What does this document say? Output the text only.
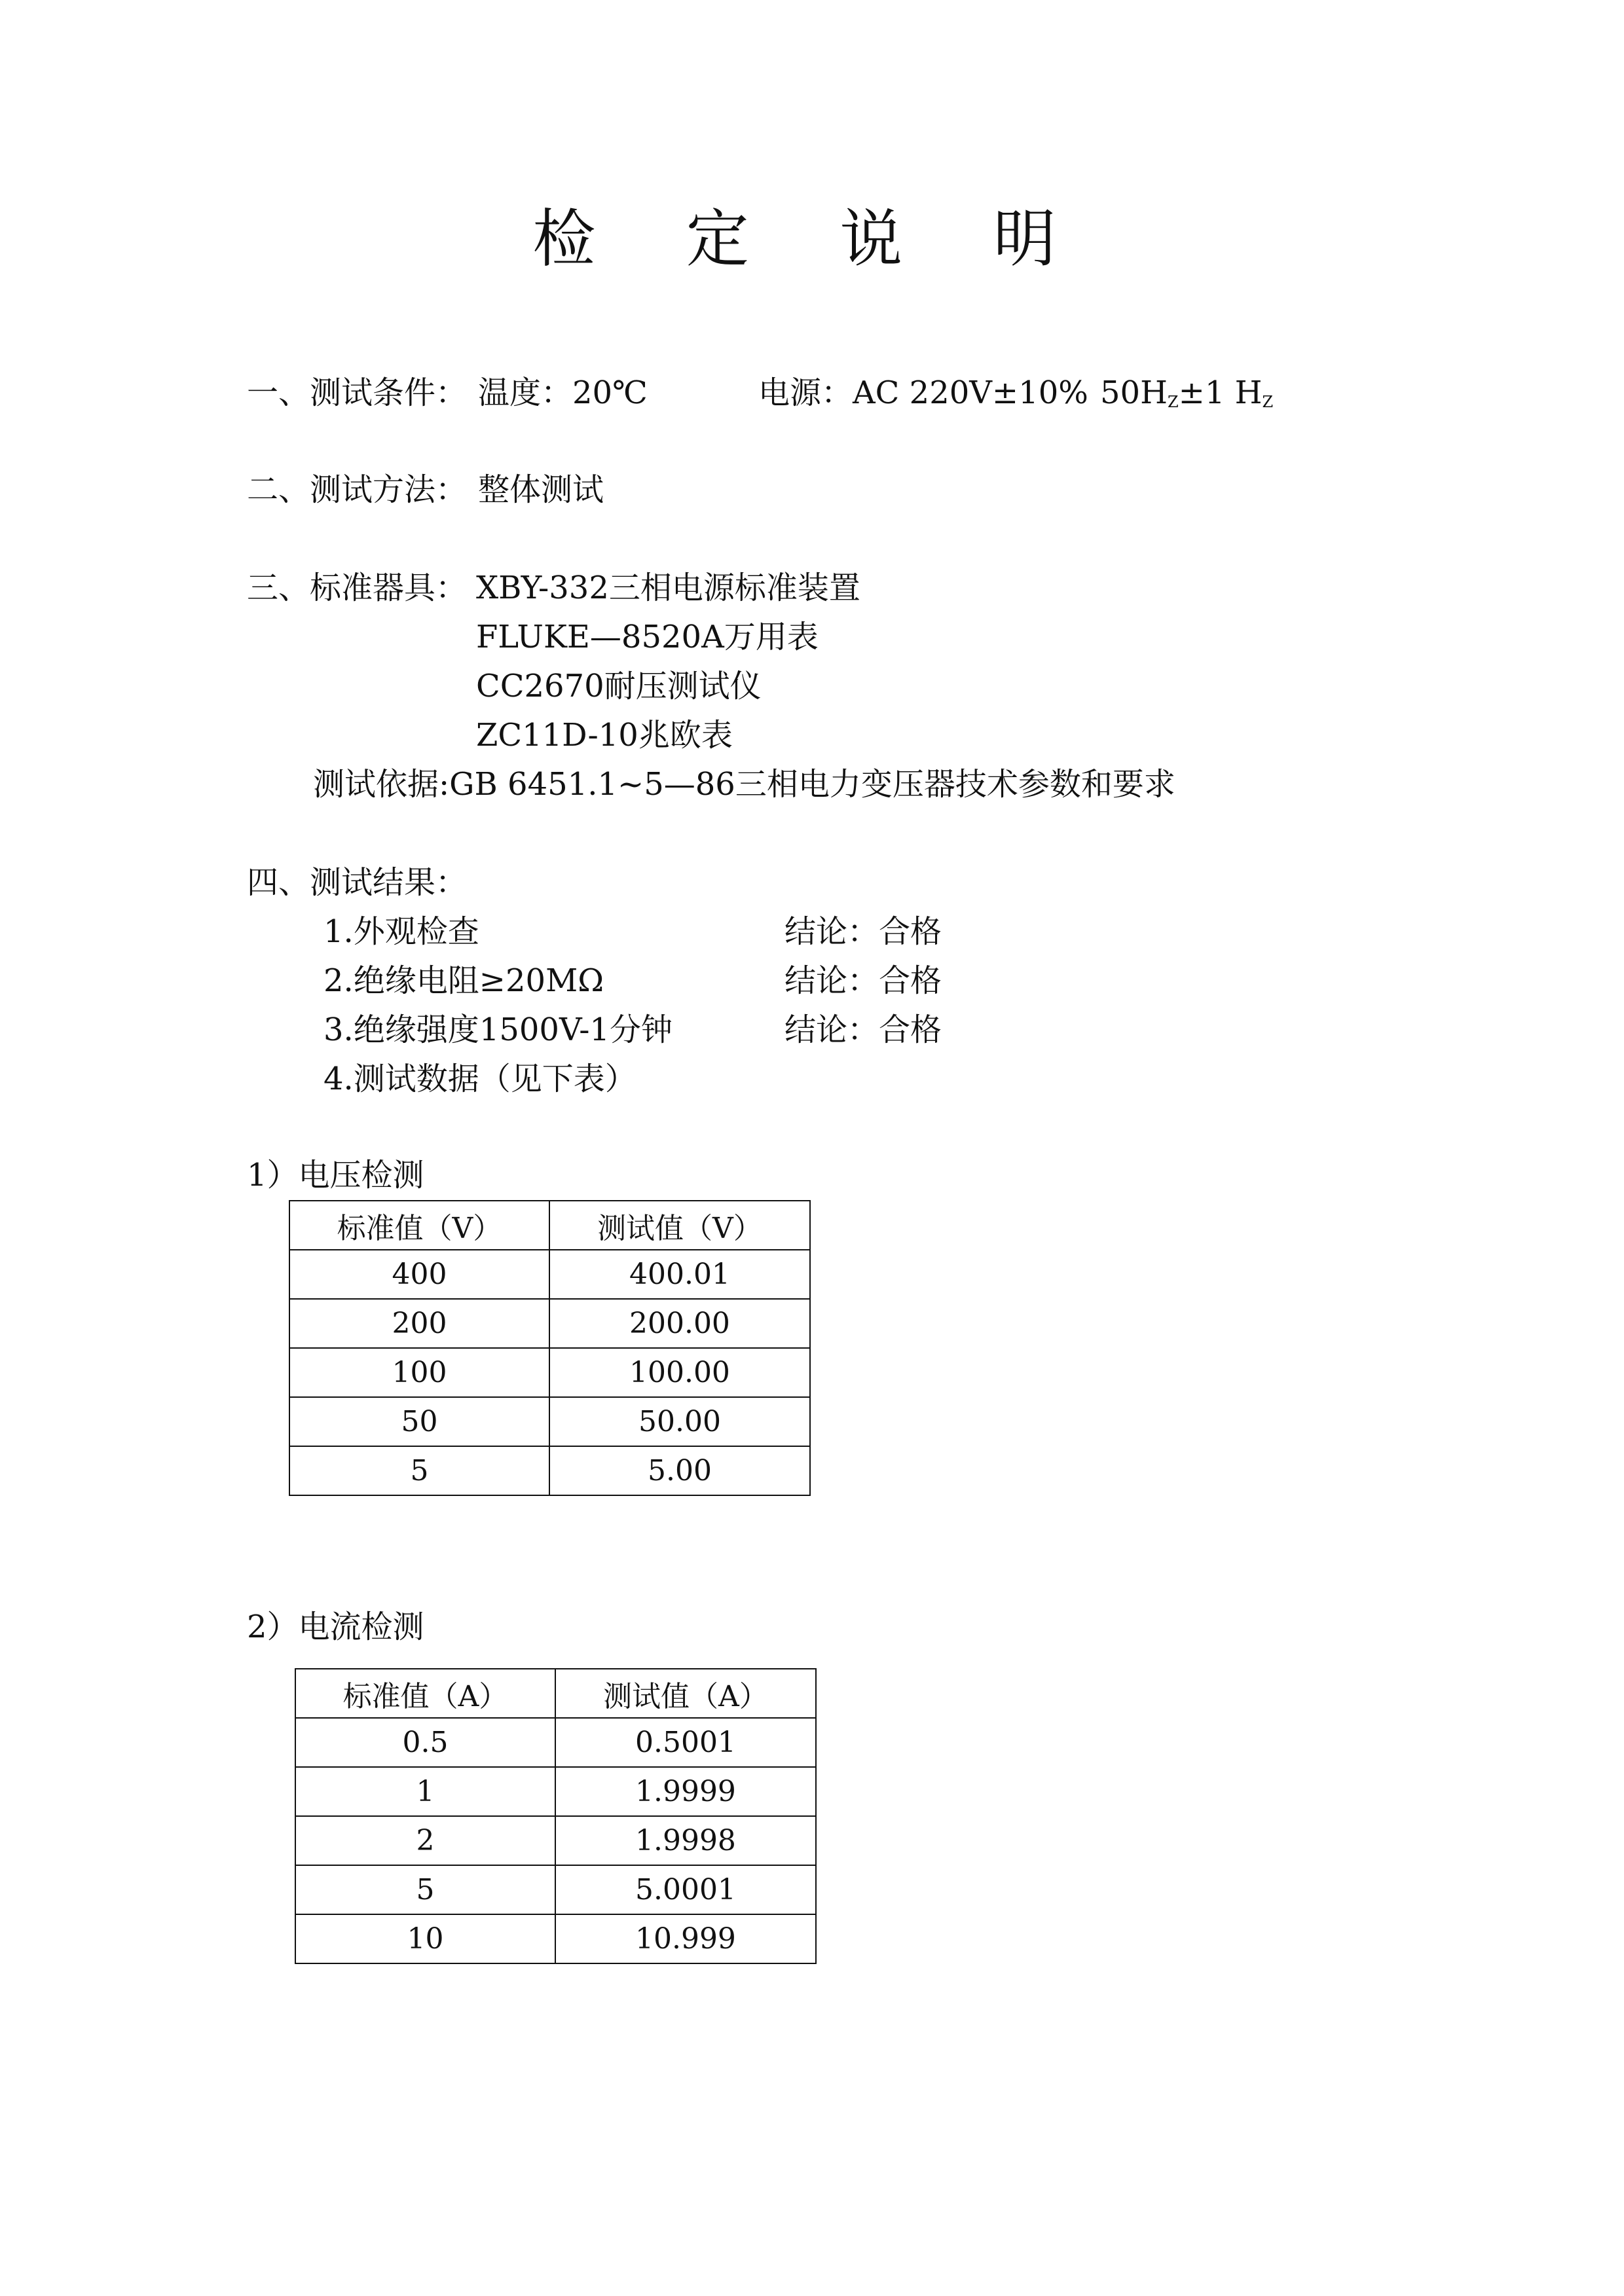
检 定 说 明
一、测试条件： 温度：20℃	电源：AC 220V±10% $50H_Z\pm 1$ $H_Z$
二、测试方法： 整体测试
三、标准器具： XBY-332三相电源标准装置
FLUKE—8520A万用表
CC2670耐压测试仪
ZC11D-10兆欧表
测试依据:GB 6451.1~5—86三相电力变压器技术参数和要求
四、测试结果：
1.外观检查	结论：合格
2.绝缘电阻≥20MΩ	结论：合格
3.绝缘强度1500V-1分钟	结论：合格
4.测试数据（见下表）
1）电压检测
标准值（V）	测试值（V）
400	400.01
200	200.00
100	100.00
50	50.00
5	5.00
2）电流检测
标准值（A）	测试值（A）
0.5	0.5001
1	1.9999
2	1.9998
5	5.0001
10	10.999
